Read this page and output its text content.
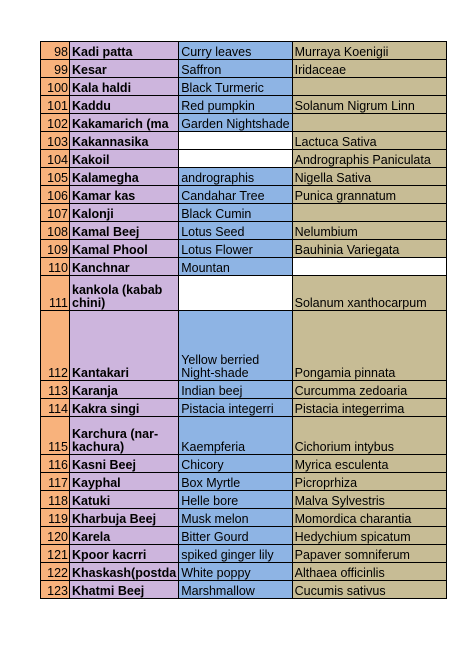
98	Kadi patta	Curry leaves	Murraya Koenigii
99	Kesar	Saffron	Iridaceae
100	Kala haldi	Black Turmeric	
101	Kaddu	Red pumpkin	Solanum Nigrum Linn
102	Kakamarich (ma	Garden Nightshade	
103	Kakannasika		Lactuca Sativa
104	Kakoil		Andrographis Paniculata
105	Kalamegha	andrographis	Nigella Sativa
106	Kamar kas	Candahar Tree	Punica grannatum
107	Kalonji	Black Cumin	
108	Kamal Beej	Lotus Seed	Nelumbium
109	Kamal Phool	Lotus Flower	Bauhinia Variegata
110	Kanchnar	Mountan	
111	kankola (kabab chini)		Solanum xanthocarpum
112	Kantakari	Yellow berried Night-shade	Pongamia pinnata
113	Karanja	Indian beej	Curcumma zedoaria
114	Kakra singi	Pistacia integerri	Pistacia integerrima
115	Karchura (nar-kachura)	Kaempferia	Cichorium intybus
116	Kasni Beej	Chicory	Myrica esculenta
117	Kayphal	Box Myrtle	Picroprhiza
118	Katuki	Helle bore	Malva Sylvestris
119	Kharbuja Beej	Musk melon	Momordica charantia
120	Karela	Bitter Gourd	Hedychium spicatum
121	Kpoor kacrri	spiked ginger lily	Papaver somniferum
122	Khaskash(postda	White poppy	Althaea officinlis
123	Khatmi Beej	Marshmallow	Cucumis sativus
